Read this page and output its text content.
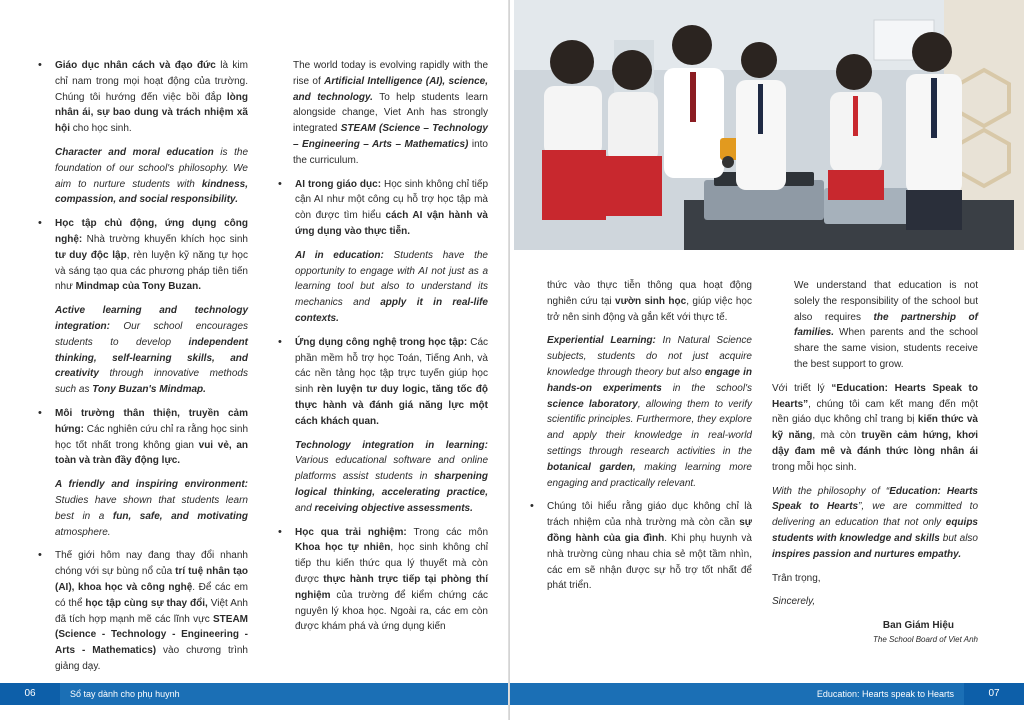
• Giáo dục nhân cách và đạo đức là kim chỉ nam trong mọi hoạt động của trường. Chúng tôi hướng đến việc bồi đắp lòng nhân ái, sự bao dung và trách nhiệm xã hội cho học sinh.

Character and moral education is the foundation of our school's philosophy. We aim to nurture students with kindness, compassion, and social responsibility.

• Học tập chủ động, ứng dụng công nghệ: Nhà trường khuyến khích học sinh tư duy độc lập, rèn luyện kỹ năng tự học và sáng tạo qua các phương pháp tiên tiến như Mindmap của Tony Buzan.

Active learning and technology integration: Our school encourages students to develop independent thinking, self-learning skills, and creativity through innovative methods such as Tony Buzan's Mindmap.

• Môi trường thân thiện, truyền cảm hứng: Các nghiên cứu chỉ ra rằng học sinh học tốt nhất trong không gian vui vẻ, an toàn và tràn đầy động lực.

A friendly and inspiring environment: Studies have shown that students learn best in a fun, safe, and motivating atmosphere.

• Thế giới hôm nay đang thay đổi nhanh chóng với sự bùng nổ của trí tuệ nhân tạo (AI), khoa học và công nghệ. Để các em có thể học tập cùng sự thay đổi, Việt Anh đã tích hợp mạnh mẽ các lĩnh vực STEAM (Science - Technology - Engineering - Arts - Mathematics) vào chương trình giảng dạy.

The world today is evolving rapidly with the rise of Artificial Intelligence (AI), science, and technology. To help students learn alongside change, Viet Anh has strongly integrated STEAM (Science – Technology – Engineering – Arts – Mathematics) into the curriculum.

• AI trong giáo dục: Học sinh không chỉ tiếp cận AI như một công cụ hỗ trợ học tập mà còn được tìm hiểu cách AI vận hành và ứng dụng vào thực tiễn.

AI in education: Students have the opportunity to engage with AI not just as a learning tool but also to understand its mechanics and apply it in real-life contexts.

• Ứng dụng công nghệ trong học tập: Các phần mềm hỗ trợ học Toán, Tiếng Anh, và các nền tảng học tập trực tuyến giúp học sinh rèn luyện tư duy logic, tăng tốc độ thực hành và đánh giá năng lực một cách khách quan.

Technology integration in learning: Various educational software and online platforms assist students in sharpening logical thinking, accelerating practice, and receiving objective assessments.

• Học qua trải nghiệm: Trong các môn Khoa học tự nhiên, học sinh không chỉ tiếp thu kiến thức qua lý thuyết mà còn được thực hành trực tiếp tại phòng thí nghiệm của trường để kiểm chứng các nguyên lý khoa học. Ngoài ra, các em còn được khám phá và ứng dụng kiến

06	Sổ tay dành cho phụ huynh

thức vào thực tiễn thông qua hoạt động nghiên cứu tại vườn sinh học, giúp việc học trở nên sinh động và gắn kết với thực tế.

Experiential Learning: In Natural Science subjects, students do not just acquire knowledge through theory but also engage in hands-on experiments in the school's science laboratory, allowing them to verify scientific principles. Furthermore, they explore and apply their knowledge in real-world settings through research activities in the botanical garden, making learning more engaging and practically relevant.

• Chúng tôi hiểu rằng giáo dục không chỉ là trách nhiệm của nhà trường mà còn cần sự đồng hành của gia đình. Khi phụ huynh và nhà trường cùng nhau chia sẻ một tầm nhìn, các em sẽ nhận được sự hỗ trợ tốt nhất để phát triển.

We understand that education is not solely the responsibility of the school but also requires the partnership of families. When parents and the school share the same vision, students receive the best support to grow.

Với triết lý “Education: Hearts Speak to Hearts”, chúng tôi cam kết mang đến một nền giáo dục không chỉ trang bị kiến thức và kỹ năng, mà còn truyền cảm hứng, khơi dậy đam mê và đánh thức lòng nhân ái trong mỗi học sinh.

With the philosophy of “Education: Hearts Speak to Hearts”, we are committed to delivering an education that not only equips students with knowledge and skills but also inspires passion and nurtures empathy.

Trân trọng,

Sincerely,

Ban Giám Hiệu

The School Board of Viet Anh

Education: Hearts speak to Hearts	07
